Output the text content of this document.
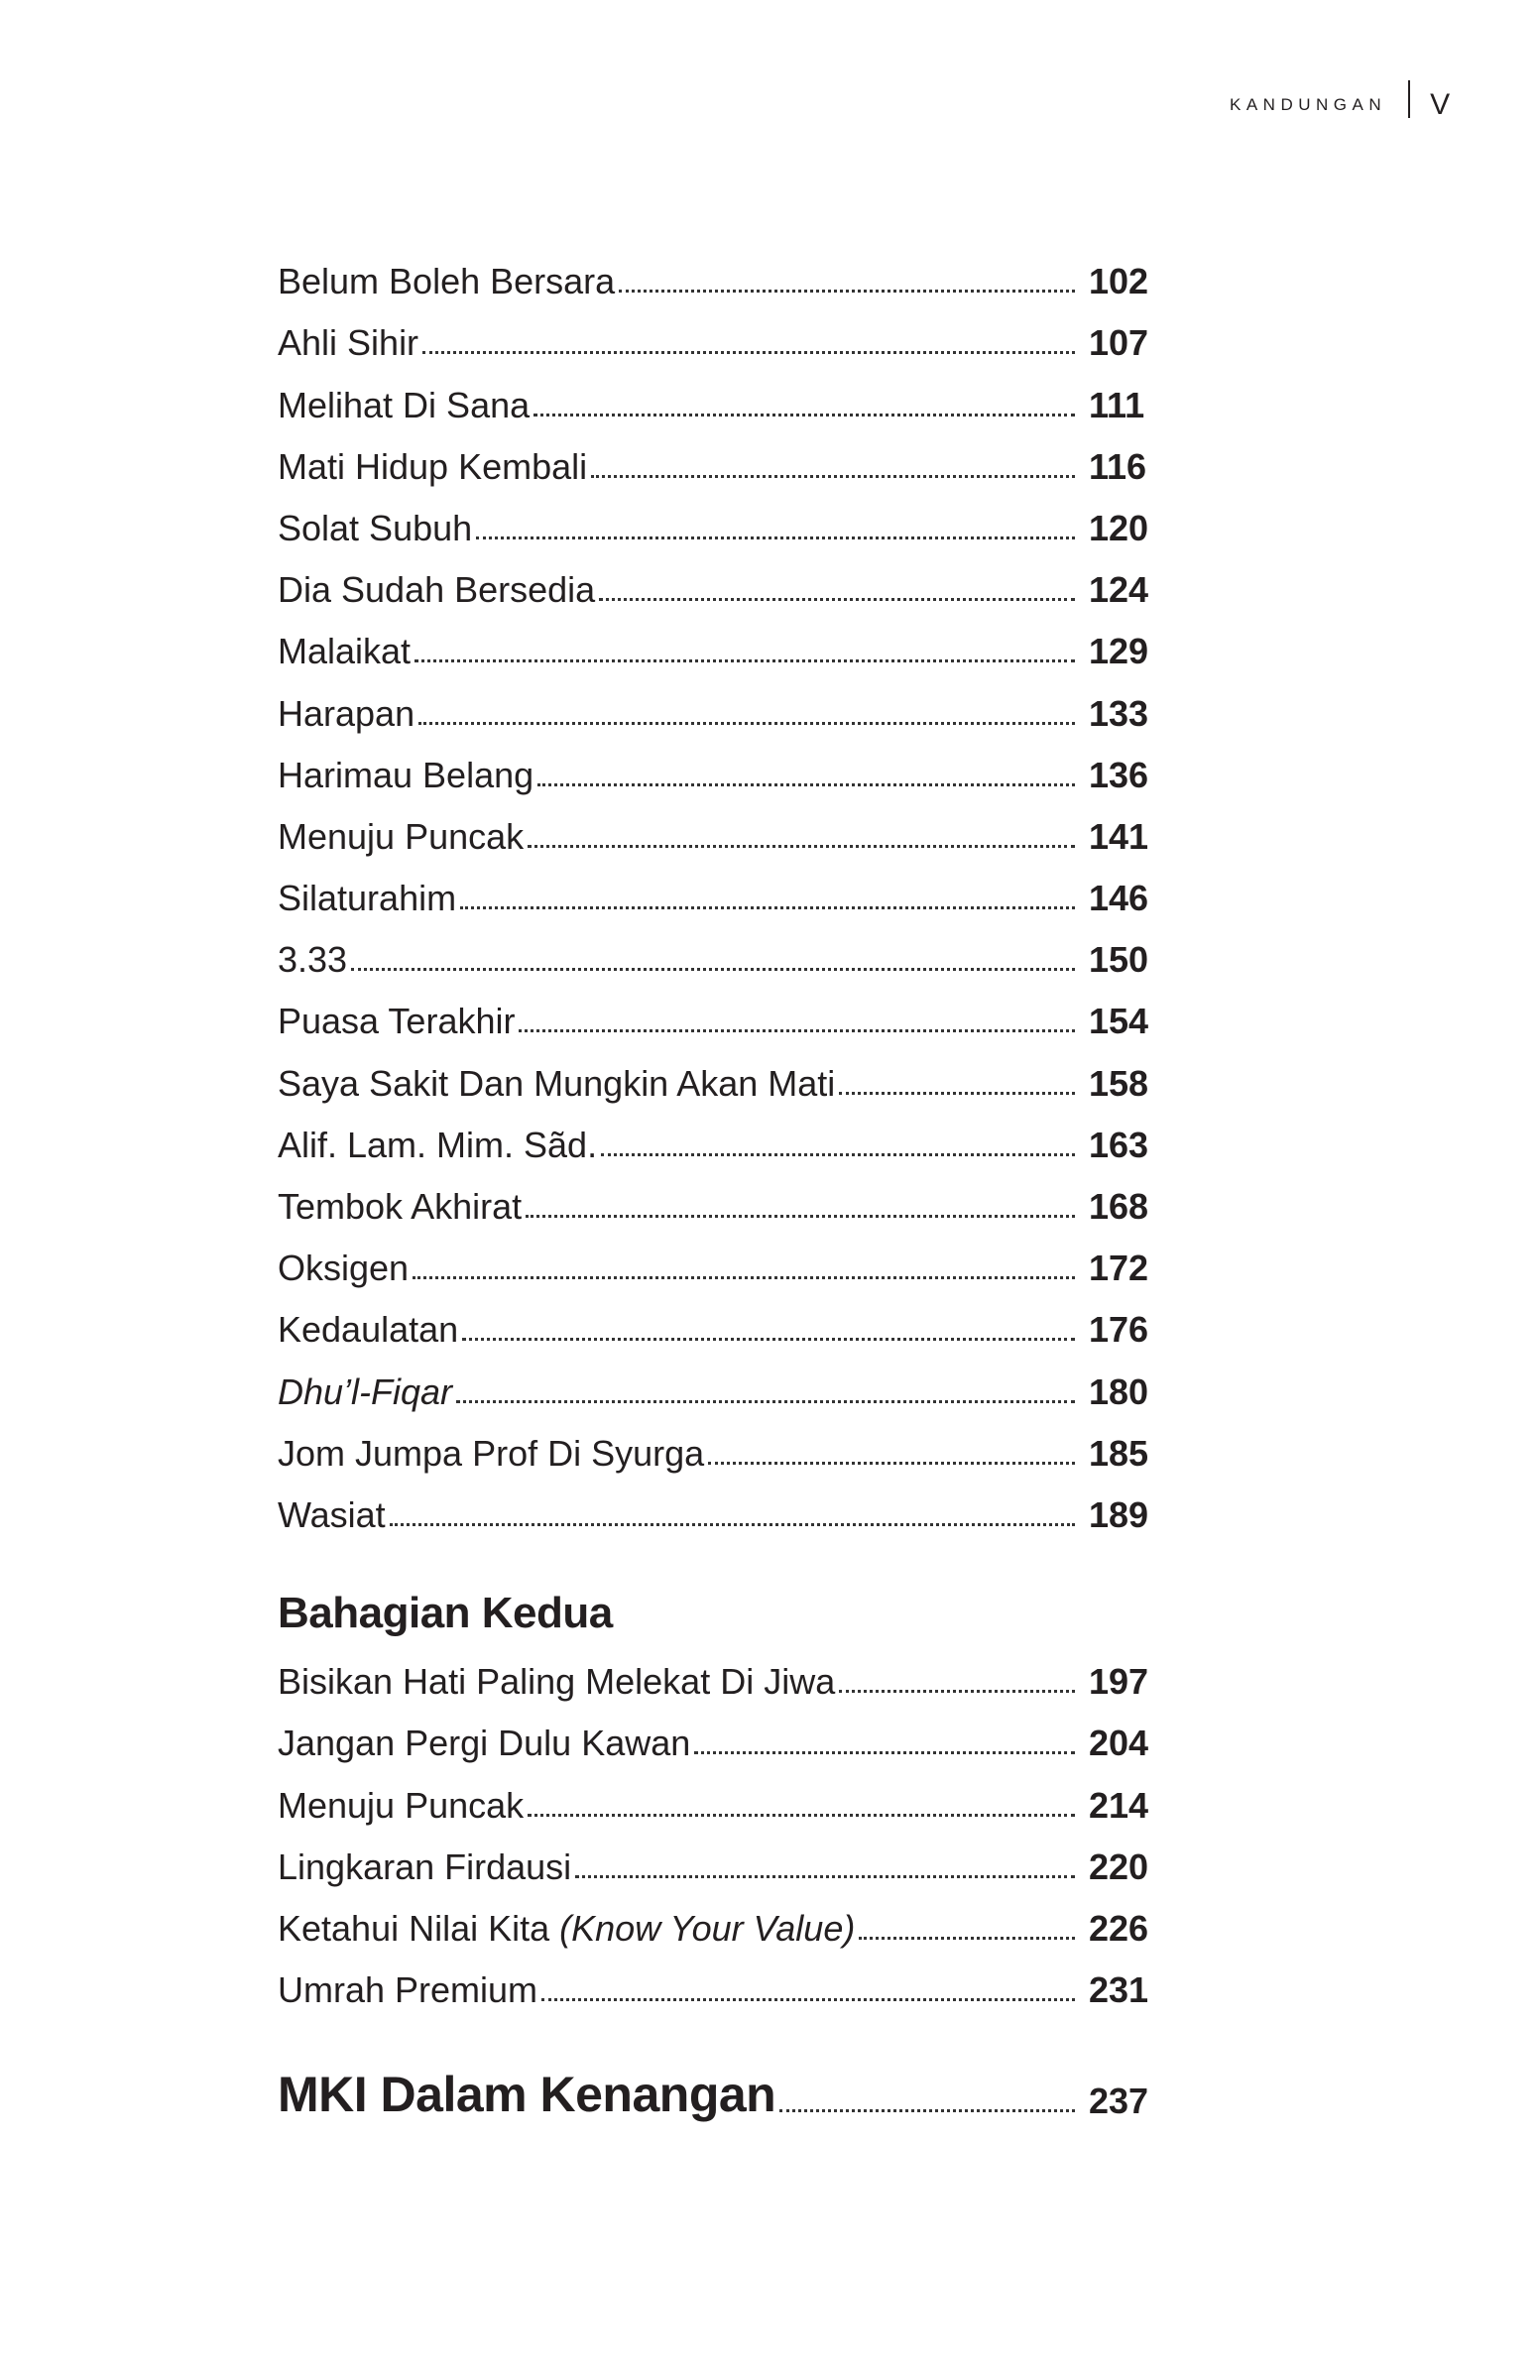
KANDUNGAN V
Belum Boleh Bersara	102
Ahli Sihir	107
Melihat Di Sana	111
Mati Hidup Kembali	116
Solat Subuh	120
Dia Sudah Bersedia	124
Malaikat	129
Harapan	133
Harimau Belang	136
Menuju Puncak	141
Silaturahim	146
3.33	150
Puasa Terakhir	154
Saya Sakit Dan Mungkin Akan Mati	158
Alif. Lam. Mim. Sãd.	163
Tembok Akhirat	168
Oksigen	172
Kedaulatan	176
Dhu’l-Fiqar	180
Jom Jumpa Prof Di Syurga	185
Wasiat	189
Bahagian Kedua
Bisikan Hati Paling Melekat Di Jiwa	197
Jangan Pergi Dulu Kawan	204
Menuju Puncak	214
Lingkaran Firdausi	220
Ketahui Nilai Kita (Know Your Value)	226
Umrah Premium	231
MKI Dalam Kenangan	237
